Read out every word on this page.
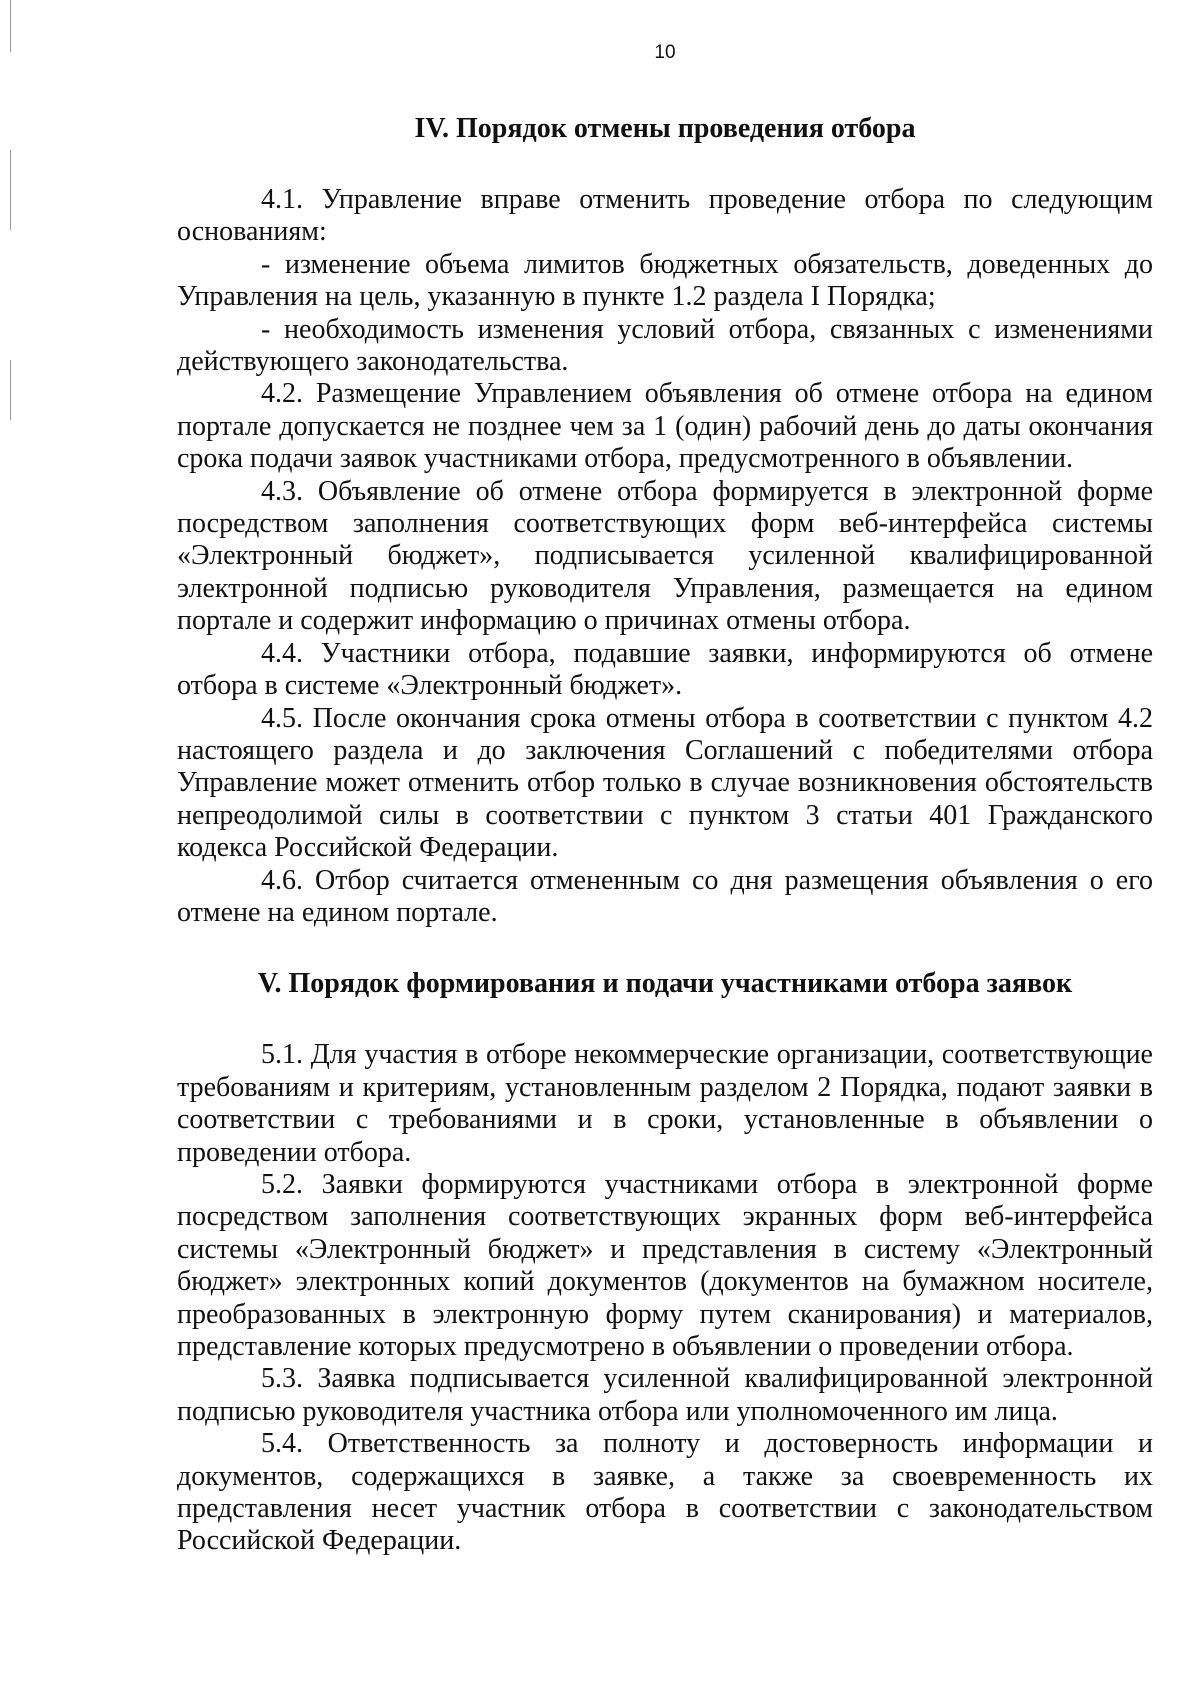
10

IV. Порядок отмены проведения отбора

4.1. Управление вправе отменить проведение отбора по следующим основаниям:

- изменение объема лимитов бюджетных обязательств, доведенных до Управления на цель, указанную в пункте 1.2 раздела I Порядка;

- необходимость изменения условий отбора, связанных с изменениями действующего законодательства.

4.2. Размещение Управлением объявления об отмене отбора на едином портале допускается не позднее чем за 1 (один) рабочий день до даты окончания срока подачи заявок участниками отбора, предусмотренного в объявлении.

4.3. Объявление об отмене отбора формируется в электронной форме посредством заполнения соответствующих форм веб-интерфейса системы «Электронный бюджет», подписывается усиленной квалифицированной электронной подписью руководителя Управления, размещается на едином портале и содержит информацию о причинах отмены отбора.

4.4. Участники отбора, подавшие заявки, информируются об отмене отбора в системе «Электронный бюджет».

4.5. После окончания срока отмены отбора в соответствии с пунктом 4.2 настоящего раздела и до заключения Соглашений с победителями отбора Управление может отменить отбор только в случае возникновения обстоятельств непреодолимой силы в соответствии с пунктом 3 статьи 401 Гражданского кодекса Российской Федерации.

4.6. Отбор считается отмененным со дня размещения объявления о его отмене на едином портале.

V. Порядок формирования и подачи участниками отбора заявок

5.1. Для участия в отборе некоммерческие организации, соответствующие требованиям и критериям, установленным разделом 2 Порядка, подают заявки в соответствии с требованиями и в сроки, установленные в объявлении о проведении отбора.

5.2. Заявки формируются участниками отбора в электронной форме посредством заполнения соответствующих экранных форм веб-интерфейса системы «Электронный бюджет» и представления в систему «Электронный бюджет» электронных копий документов (документов на бумажном носителе, преобразованных в электронную форму путем сканирования) и материалов, представление которых предусмотрено в объявлении о проведении отбора.

5.3. Заявка подписывается усиленной квалифицированной электронной подписью руководителя участника отбора или уполномоченного им лица.

5.4. Ответственность за полноту и достоверность информации и документов, содержащихся в заявке, а также за своевременность их представления несет участник отбора в соответствии с законодательством Российской Федерации.
